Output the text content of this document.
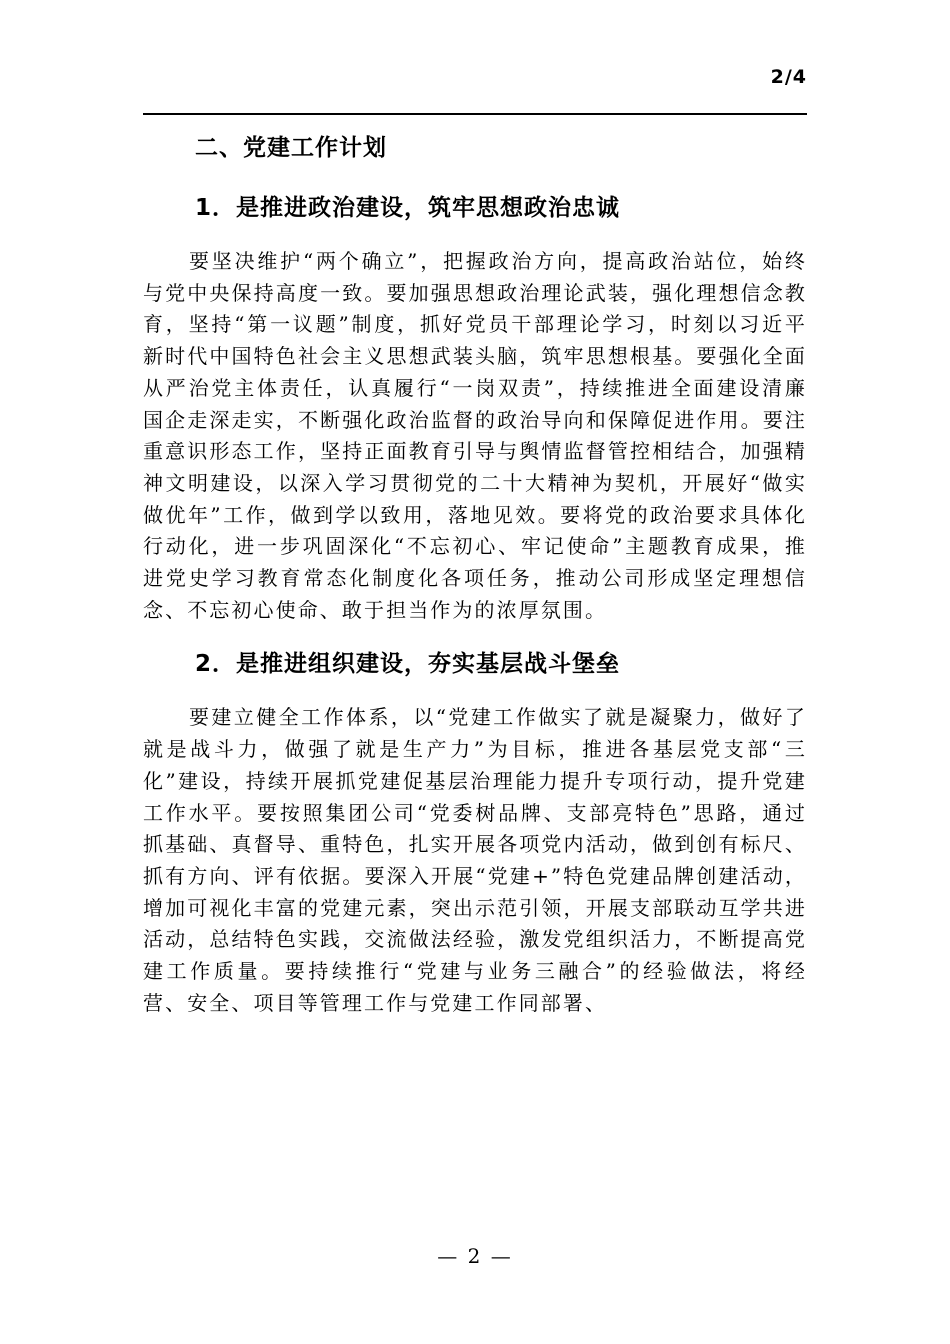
2/4
二、党建工作计划
1．是推进政治建设，筑牢思想政治忠诚

要坚决维护“两个确立”，把握政治方向，提高政治站位，始终与党中央保持高度一致。要加强思想政治理论武装，强化理想信念教育，坚持“第一议题”制度，抓好党员干部理论学习，时刻以习近平新时代中国特色社会主义思想武装头脑，筑牢思想根基。要强化全面从严治党主体责任，认真履行“一岗双责”，持续推进全面建设清廉国企走深走实，不断强化政治监督的政治导向和保障促进作用。要注重意识形态工作，坚持正面教育引导与舆情监督管控相结合，加强精神文明建设，以深入学习贯彻党的二十大精神为契机，开展好“做实做优年”工作，做到学以致用，落地见效。要将党的政治要求具体化行动化，进一步巩固深化“不忘初心、牢记使命”主题教育成果，推进党史学习教育常态化制度化各项任务，推动公司形成坚定理想信念、不忘初心使命、敢于担当作为的浓厚氛围。

2．是推进组织建设，夯实基层战斗堡垒

要建立健全工作体系，以“党建工作做实了就是凝聚力，做好了就是战斗力，做强了就是生产力”为目标，推进各基层党支部“三化”建设，持续开展抓党建促基层治理能力提升专项行动，提升党建工作水平。要按照集团公司“党委树品牌、支部亮特色”思路，通过抓基础、真督导、重特色，扎实开展各项党内活动，做到创有标尺、抓有方向、评有依据。要深入开展“党建+”特色党建品牌创建活动，增加可视化丰富的党建元素，突出示范引领，开展支部联动互学共进活动，总结特色实践，交流做法经验，激发党组织活力，不断提高党建工作质量。要持续推行“党建与业务三融合”的经验做法，将经营、安全、项目等管理工作与党建工作同部署、

— 2 —
